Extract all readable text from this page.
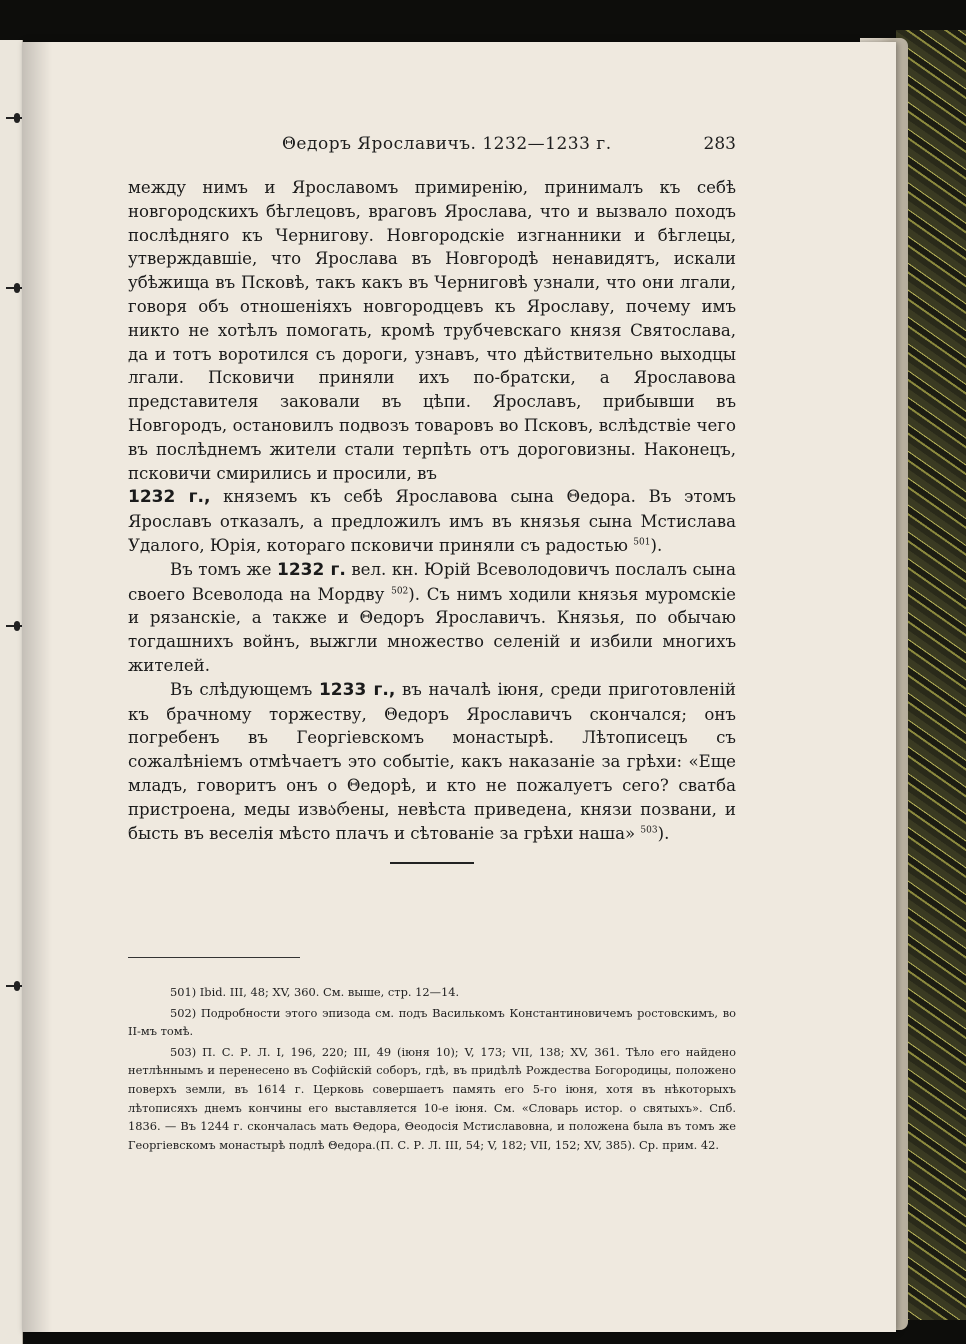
Θедоръ Ярославичъ. 1232—1233 г.	283

между нимъ и Ярославомъ примиренію, принималъ къ себѣ новгородскихъ бѣглецовъ, враговъ Ярослава, что и вызвало походъ послѣдняго къ Чернигову. Новгородскіе изгнанники и бѣглецы, утверждавшіе, что Ярослава въ Новгородѣ ненавидятъ, искали убѣжища въ Псковѣ, такъ какъ въ Черниговѣ узнали, что они лгали, говоря объ отношеніяхъ новгородцевъ къ Ярославу, почему имъ никто не хотѣлъ помогать, кромѣ трубчевскаго князя Святослава, да и тотъ воротился съ дороги, узнавъ, что дѣйствительно выходцы лгали. Псковичи приняли ихъ по-братски, а Ярославова представителя заковали въ цѣпи. Ярославъ, прибывши въ Новгородъ, остановилъ подвозъ товаровъ во Псковъ, вслѣдствіе чего въ послѣднемъ жители стали терпѣть отъ дороговизны. Наконецъ, псковичи смирились и просили, въ
1232 г., княземъ къ себѣ Ярославова сына Θедора. Въ этомъ Ярославъ отказалъ, а предложилъ имъ въ князья сына Мстислава Удалого, Юрія, котораго псковичи приняли съ радостью $^{501}$).

Въ томъ же 1232 г. вел. кн. Юрій Всеволодовичъ послалъ сына своего Всеволода на Мордву $^{502}$). Съ нимъ ходили князья муромскіе и рязанскіе, а также и Θедоръ Ярославичъ. Князья, по обычаю тогдашнихъ войнъ, выжгли множество селеній и избили многихъ жителей.

Въ слѣдующемъ 1233 г., въ началѣ іюня, среди приготовленій къ брачному торжеству, Θедоръ Ярославичъ скончался; онъ погребенъ въ Георгіевскомъ монастырѣ. Лѣтописецъ съ сожалѣніемъ отмѣчаетъ это событіе, какъ наказаніе за грѣхи: «Еще младъ, говоритъ онъ о Θедорѣ, и кто не пожалуетъ сего? сватба пристроена, меды извარены, невѣста приведена, князи позвани, и бысть въ веселія мѣсто плачъ и сѣтованіе за грѣхи наша» $^{503}$).

501) Ibid. III, 48; XV, 360. См. выше, стр. 12—14.

502) Подробности этого эпизода см. подъ Василькомъ Константиновичемъ ростовскимъ, во II-мъ томѣ.

503) П. С. Р. Л. I, 196, 220; III, 49 (іюня 10); V, 173; VII, 138; XV, 361. Тѣло его найдено нетлѣннымъ и перенесено въ Софійскій соборъ, гдѣ, въ придѣлѣ Рождества Богородицы, положено поверхъ земли, въ 1614 г. Церковь совершаетъ память его 5-го іюня, хотя въ нѣкоторыхъ лѣтописяхъ днемъ кончины его выставляется 10-е іюня. См. «Словарь истор. о святыхъ». Спб. 1836. — Въ 1244 г. скончалась мать Θедора, Θеодосія Мстиславовна, и положена была въ томъ же Георгіевскомъ монастырѣ подлѣ Θедора.(П. С. Р. Л. III, 54; V, 182; VII, 152; XV, 385). Ср. прим. 42.
